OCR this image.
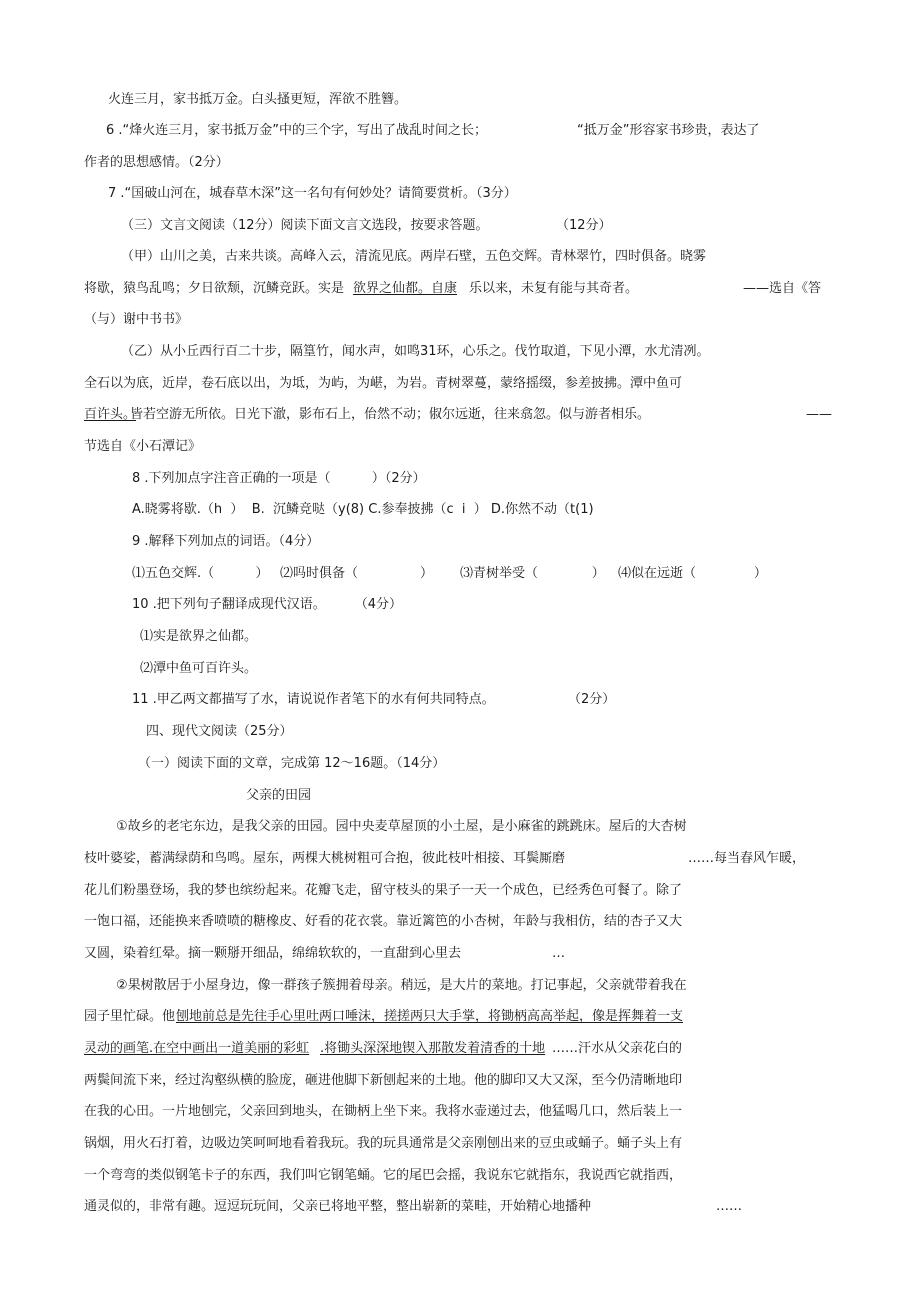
火连三月，家书抵万金。白头搔更短，浑欲不胜簪。
6 .“烽火连三月，家书抵万金”中的三个字，写出了战乱时间之长；	“抵万金”形容家书珍贵，表达了
作者的思想感情。（2分）
7 .“国破山河在，城春草木深”这一名句有何妙处？请简要赏析。（3分）
（三）文言文阅读（12分）阅读下面文言文选段，按要求答题。	（12分）
（甲）山川之美，古来共谈。高峰入云，清流见底。两岸石壁，五色交辉。青林翠竹，四时俱备。晓雾
将歇，猿鸟乱鸣；夕日欲颓，沉鳞竞跃。实是 欲界之仙都。自康 乐以来，未复有能与其奇者。	——选自《答
（与）谢中书书》
（乙）从小丘西行百二十步，隔篁竹，闻水声，如鸣31环，心乐之。伐竹取道，下见小潭，水尤清冽。
全石以为底，近岸，卷石底以出，为坻，为屿，为嵁，为岩。青树翠蔓，蒙络摇缀，参差披拂。潭中鱼可
百许头。
皆若空游无所依。日光下澈，影布石上，佁然不动；俶尔远逝，往来翕忽。似与游者相乐。	——
节选自《小石潭记》
8 .下列加点字注音正确的一项是（          ）（2分）
A.晓雾将歇.（h  ）  B.  沉鳞竞哒（y(8) C.参奉披拂（c  i  ） D.你然不动（t(1)
9 .解释下列加点的词语。（4分）
⑴五色交辉.（          ） ⑵吗时俱备（               ） ⑶青树举受（             ） ⑷似在远逝（              ）
10 .把下列句子翻译成现代汉语。       （4分）
⑴实是欲界之仙都。
⑵潭中鱼可百许头。
11 .甲乙两文都描写了水，请说说作者笔下的水有何共同特点。	（2分）
四、现代文阅读（25分）
（一）阅读下面的文章，完成第 12～16题。（14分）
父亲的田园
①故乡的老宅东边，是我父亲的田园。园中央麦草屋顶的小土屋，是小麻雀的跳跳床。屋后的大杏树
枝叶婆娑，蓄满绿荫和鸟鸣。屋东，两棵大桃树粗可合抱，彼此枝叶相接、耳鬓厮磨	……每当春风乍暖，
花儿们粉墨登场，我的梦也缤纷起来。花瓣飞走，留守枝头的果子一天一个成色，已经秀色可餐了。除了
一饱口福，还能换来香喷喷的糖橡皮、好看的花衣裳。靠近篱笆的小杏树，年龄与我相仿，结的杏子又大
又圆，染着红晕。摘一颗掰开细品，绵绵软软的，一直甜到心里去	…
②果树散居于小屋身边，像一群孩子簇拥着母亲。稍远，是大片的菜地。打记事起，父亲就带着我在
园子里忙碌。他 刨地前总是先往手心里吐两口唾沫，搓搓两只大手掌，将锄柄高高举起，像是挥舞着一支
灵动的画笔.在空中画出一道美丽的彩虹 .将锄头深深地锲入那散发着清香的十地 ……汗水从父亲花白的
两鬓间流下来，经过沟壑纵横的脸庞，砸进他脚下新刨起来的土地。他的脚印又大又深，至今仍清晰地印
在我的心田。一片地刨完，父亲回到地头，在锄柄上坐下来。我将水壶递过去，他猛喝几口，然后装上一
锅烟，用火石打着，边吸边笑呵呵地看着我玩。我的玩具通常是父亲刚刨出来的豆虫或蛹子。蛹子头上有
一个弯弯的类似钢笔卡子的东西，我们叫它钢笔蛹。它的尾巴会摇，我说东它就指东，我说西它就指西，
通灵似的，非常有趣。逗逗玩玩间，父亲已将地平整，整出崭新的菜畦，开始精心地播种	……
